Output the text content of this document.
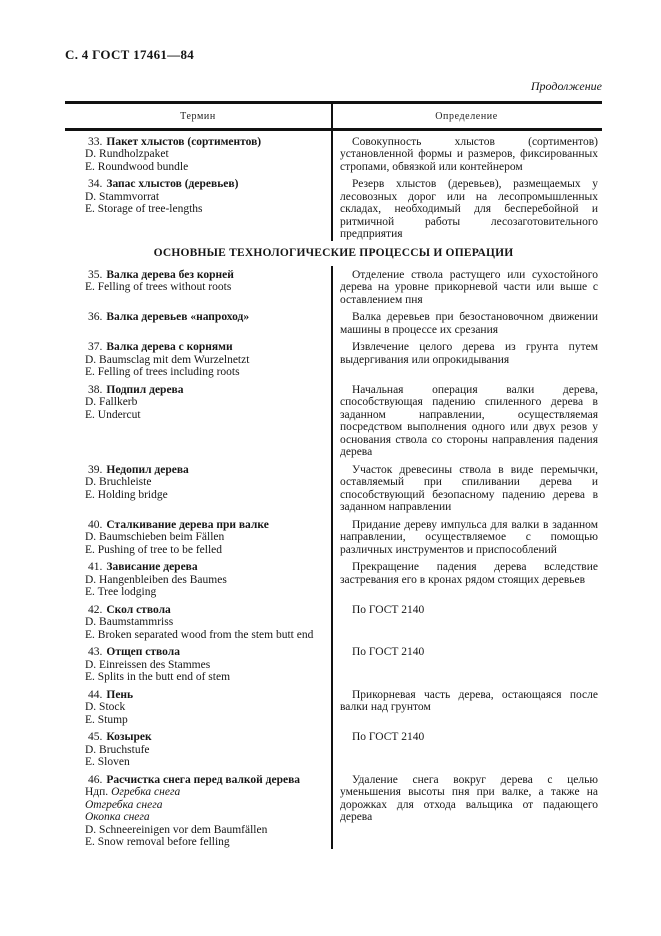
С. 4 ГОСТ 17461—84
Продолжение
Термин	Определение
33. Пакет хлыстов (сортиментов)
D. Rundholzpaket
E. Roundwood bundle

Совокупность хлыстов (сортиментов) установленной формы и размеров, фиксированных стропами, обвязкой или контейнером

34. Запас хлыстов (деревьев)
D. Stammvorrat
E. Storage of tree-lengths

Резерв хлыстов (деревьев), размещаемых у лесовозных дорог или на лесопромышленных складах, необходимый для бесперебойной и ритмичной работы лесозаготовительного предприятия

ОСНОВНЫЕ ТЕХНОЛОГИЧЕСКИЕ ПРОЦЕССЫ И ОПЕРАЦИИ
35. Валка дерева без корней
E. Felling of trees without roots

Отделение ствола растущего или сухостойного дерева на уровне прикорневой части или выше с оставлением пня

36. Валка деревьев «напроход»	Валка деревьев при безостановочном движении машины в процессе их срезания

37. Валка дерева с корнями
D. Baumsclag mit dem Wurzelnetzt
E. Felling of trees including roots

Извлечение целого дерева из грунта путем выдергивания или опрокидывания

38. Подпил дерева
D. Fallkerb
E. Undercut

Начальная операция валки дерева, способствующая падению спиленного дерева в заданном направлении, осуществляемая посредством выполнения одного или двух резов у основания ствола со стороны направления падения дерева

39. Недопил дерева
D. Bruchleiste
E. Holding bridge

Участок древесины ствола в виде перемычки, оставляемый при спиливании дерева и способствующий безопасному падению дерева в заданном направлении

40. Сталкивание дерева при валке
D. Baumschieben beim Fällen
E. Pushing of tree to be felled

Придание дереву импульса для валки в заданном направлении, осуществляемое с помощью различных инструментов и приспособлений

41. Зависание дерева
D. Hangenbleiben des Baumes
E. Tree lodging

Прекращение падения дерева вследствие застревания его в кронах рядом стоящих деревьев

42. Скол ствола
D. Baumstammriss
E. Broken separated wood from the stem butt end

По ГОСТ 2140

43. Отщеп ствола
D. Einreissen des Stammes
E. Splits in the butt end of stem

По ГОСТ 2140

44. Пень
D. Stock
E. Stump

Прикорневая часть дерева, остающаяся после валки над грунтом

45. Козырек
D. Bruchstufe
E. Sloven

По ГОСТ 2140

46. Расчистка снега перед валкой дерева
Ндп. Огребка снега
Отгребка снега
Окопка снега
D. Schneereinigen vor dem Baumfällen
E. Snow removal before felling

Удаление снега вокруг дерева с целью уменьшения высоты пня при валке, а также на дорожках для отхода вальщика от падающего дерева
